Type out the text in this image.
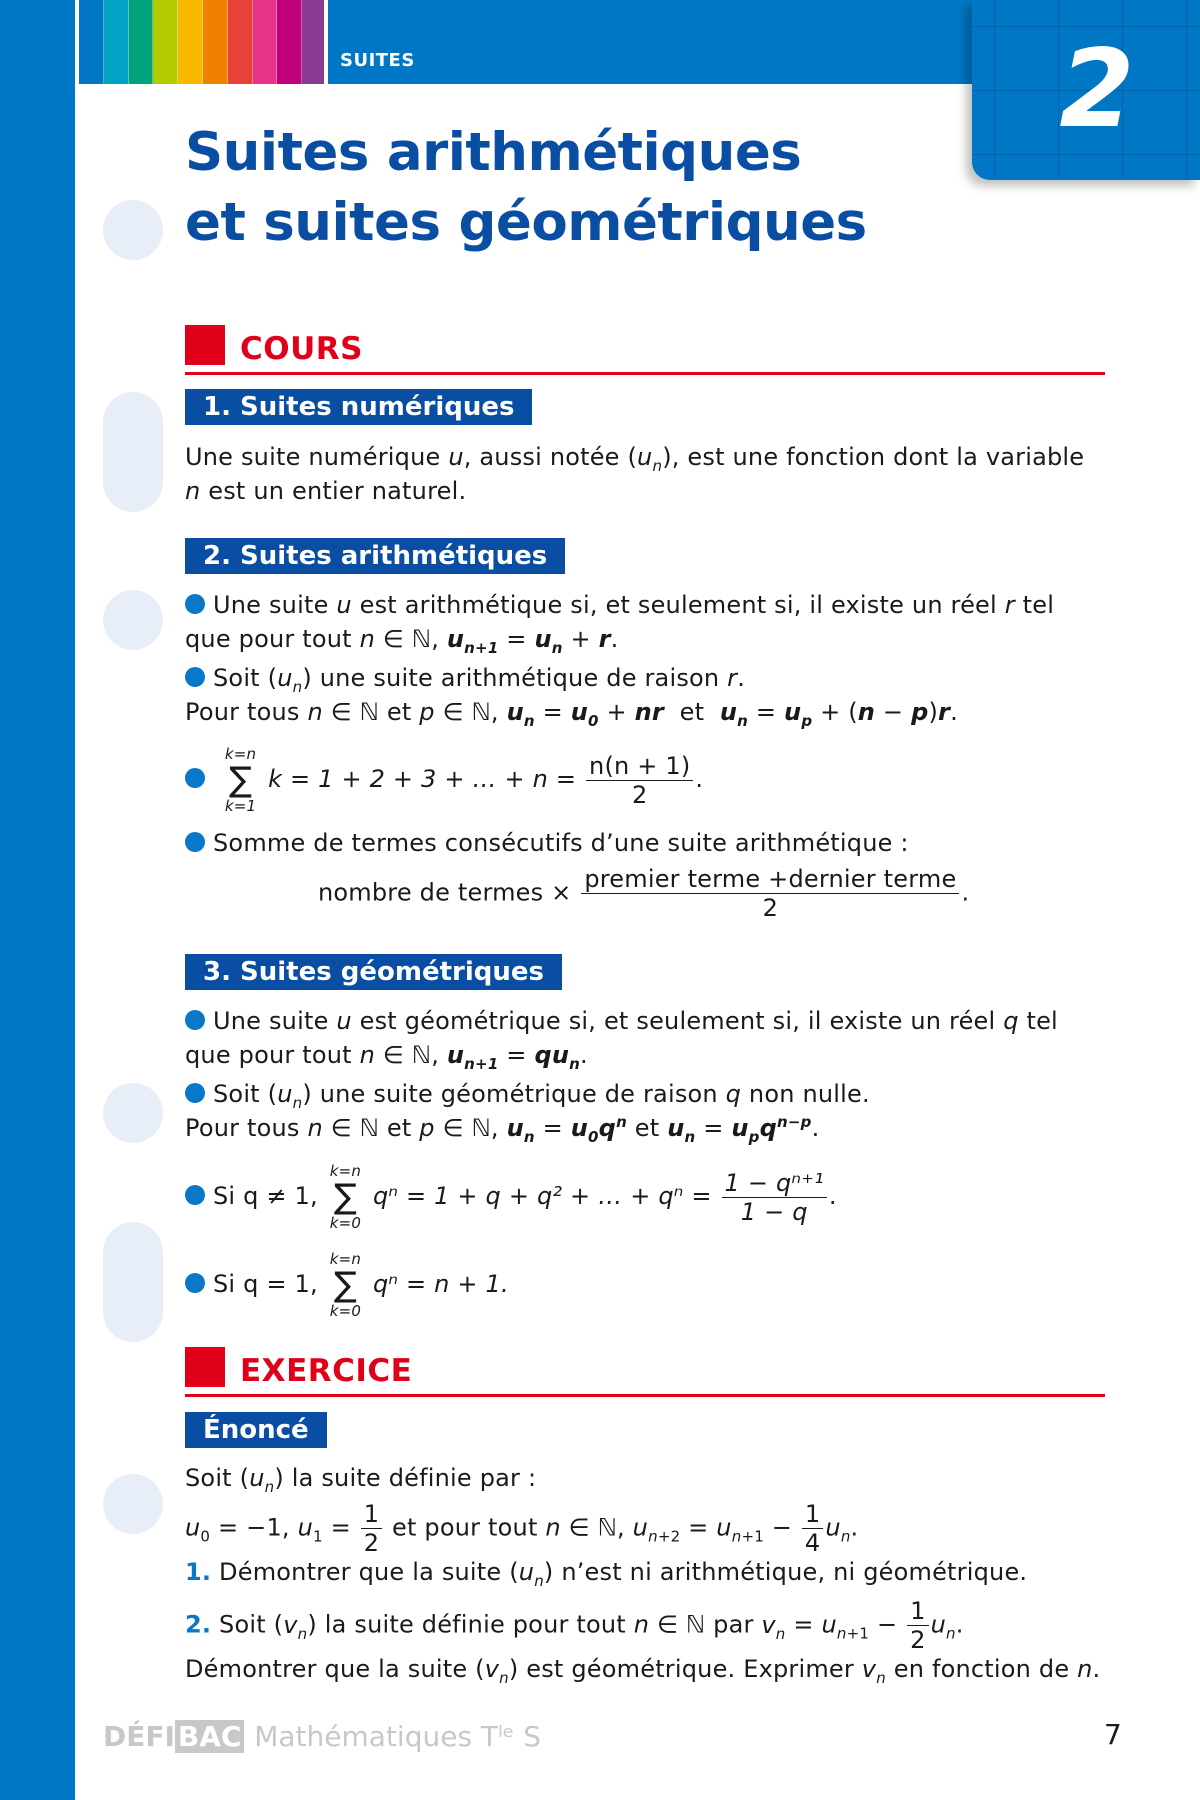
SUITES	2
Suites arithmétiques
et suites géométriques
COURS
1. Suites numériques
Une suite numérique u, aussi notée $(u_n)$, est une fonction dont la variable
n est un entier naturel.
2. Suites arithmétiques
Une suite u est arithmétique si, et seulement si, il existe un réel r tel
que pour tout n ∈ ℕ, $u_{n+1} = u_n + r$.
Soit $(u_n)$ une suite arithmétique de raison r.
Pour tous n ∈ ℕ et p ∈ ℕ, $u_n = u_0$ + nr  et  $u_n = u_p + (n - p)r$.

k=n
∑
k=1
k = 1 + 2 + 3 + … + $n = \frac{n(n + 1)}{2}$ .
Somme de termes consécutifs d’une suite arithmétique :
nombre de termes × $\frac{\text{premier terme +dernier terme}}{2}$ .
3. Suites géométriques
Une suite u est géométrique si, et seulement si, il existe un réel q tel
que pour tout n ∈ ℕ, $u_{n+1} = qu_n$.
Soit $(u_n)$ une suite géométrique de raison q non nulle.
Pour tous n ∈ ℕ et p ∈ ℕ, $u_n = u_0q^n$ et $u_n = u_pq^{n-p}$.
Si q ≠ 1,
k=n
∑
k=0
qⁿ = 1 + q + q² + … + $q^n = \frac{\text{1 − qⁿ⁺¹}}{1 - q}$ .
Si q = 1,
k=n
∑
k=0
qⁿ = n + 1.
EXERCICE
Énoncé
Soit $(u_n)$ la suite définie par :
$u_0 = -1$, $u_1 = \frac{1}{2}$ et pour tout n ∈ ℕ, $u_{n+2} = u_{n+1} - \frac{1}{4} u_n$.
1. Démontrer que la suite $(u_n)$ n’est ni arithmétique, ni géométrique.
2. Soit $(v_n)$ la suite définie pour tout n ∈ ℕ par $v_n = u_{n+1} - \frac{1}{2} u_n$.
Démontrer que la suite $(v_n)$ est géométrique. Exprimer $v_n$ en fonction de n.
DÉFI BAC Mathématiques Tˡᵉ S	7
